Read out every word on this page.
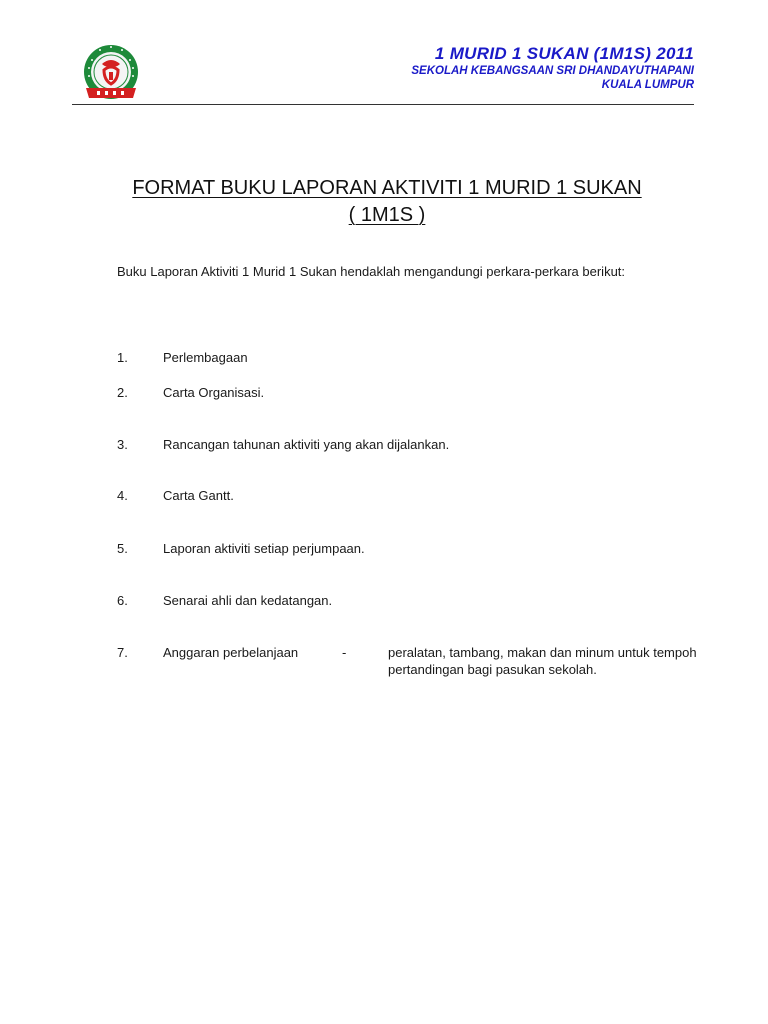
1 MURID 1 SUKAN (1M1S) 2011
SEKOLAH KEBANGSAAN SRI DHANDAYUTHAPANI
KUALA LUMPUR
FORMAT BUKU LAPORAN AKTIVITI 1 MURID 1 SUKAN
( 1M1S )
Buku Laporan Aktiviti 1 Murid 1 Sukan hendaklah mengandungi perkara-perkara berikut:
1.	Perlembagaan
2.	Carta Organisasi.
3.	Rancangan tahunan aktiviti yang akan dijalankan.
4.	Carta Gantt.
5.	Laporan aktiviti setiap perjumpaan.
6.	Senarai ahli dan kedatangan.
7.	Anggaran perbelanjaan	-	peralatan, tambang, makan dan minum untuk tempoh pertandingan bagi pasukan sekolah.
